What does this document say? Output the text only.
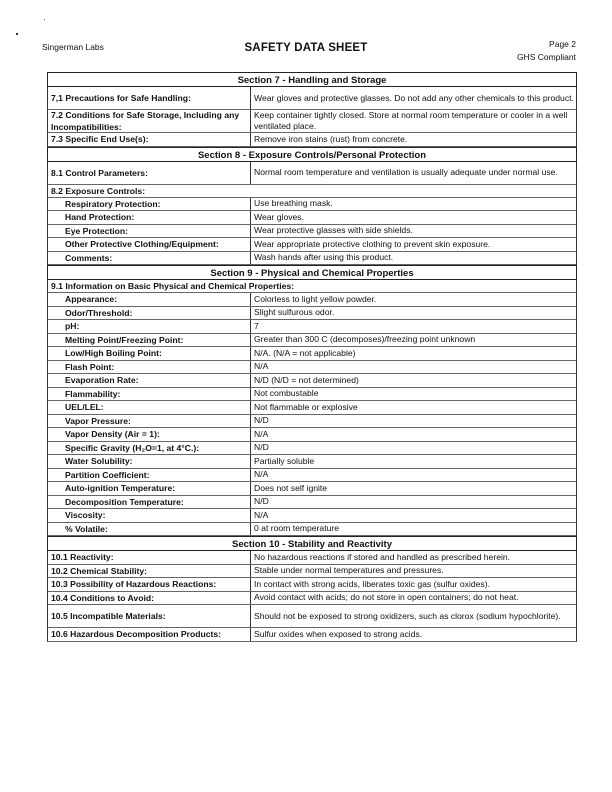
Singerman Labs	SAFETY DATA SHEET	Page 2
GHS Compliant
Section 7 - Handling and Storage
7,1 Precautions for Safe Handling:	Wear gloves and protective glasses. Do not add any other chemicals to this product.
7.2 Conditions for Safe Storage, Including any Incompatibilities:
Keep container tightly closed. Store at normal room temperature or cooler in a well ventilated place.
7.3 Specific End Use(s):	Remove iron stains (rust) from concrete.
Section 8 - Exposure Controls/Personal Protection
8.1 Control Parameters:	Normal room temperature and ventilation is usually adequate under normal use.
8.2 Exposure Controls:
Respiratory Protection:	Use breathing mask.
Hand Protection:	Wear gloves.
Eye Protection:	Wear protective glasses with side shields.
Other Protective Clothing/Equipment:	Wear appropriate protective clothing to prevent skin exposure.
Comments:	Wash hands after using this product.
Section 9 - Physical and Chemical Properties
9.1 Information on Basic Physical and Chemical Properties:
Appearance:	Colorless to light yellow powder.
Odor/Threshold:	Slight sulfurous odor.
pH:	7
Melting Point/Freezing Point:	Greater than 300 C (decomposes)/freezing point unknown
Low/High Boiling Point:	N/A. (N/A = not applicable)
Flash Point:	N/A
Evaporation Rate:	N/D (N/D = not determined)
Flammability:	Not combustable
UEL/LEL:	Not flammable or explosive
Vapor Pressure:	N/D
Vapor Density (Air = 1):	N/A
Specific Gravity (H₂O=1, at 4°C.):	N/D
Water Solubility:	Partially soluble
Partition Coefficient:	N/A
Auto-ignition Temperature:	Does not self ignite
Decomposition Temperature:	N/D
Viscosity:	N/A
% Volatile:	0 at room temperature
Section 10 - Stability and Reactivity
10.1 Reactivity:	No hazardous reactions if stored and handled as prescribed herein.
10.2 Chemical Stability:	Stable under normal temperatures and pressures.
10.3 Possibility of Hazardous Reactions:	In contact with strong acids, liberates toxic gas (sulfur oxides).
10.4 Conditions to Avoid:	Avoid contact with acids; do not store in open containers; do not heat.
10.5 Incompatible Materials:	Should not be exposed to strong oxidizers, such as clorox (sodium hypochlorite).
10.6 Hazardous Decomposition Products:	Sulfur oxides when exposed to strong acids.
